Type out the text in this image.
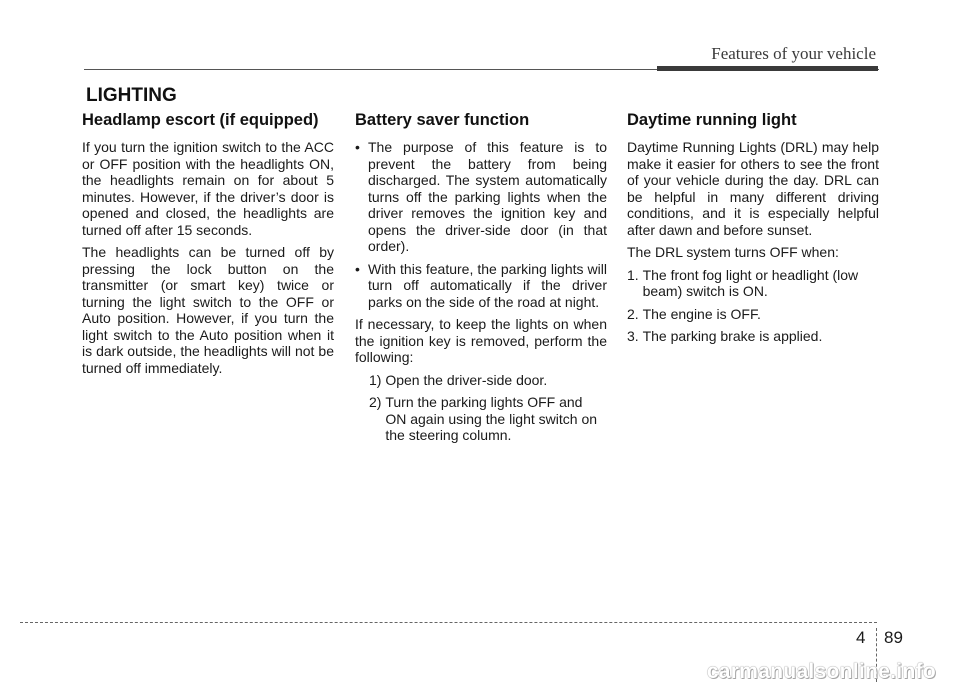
Features of your vehicle
LIGHTING
Headlamp escort (if equipped)

If you turn the ignition switch to the ACC or OFF position with the headlights ON, the headlights remain on for about 5 minutes. However, if the driver’s door is opened and closed, the headlights are turned off after 15 seconds.

The headlights can be turned off by pressing the lock button on the transmitter (or smart key) twice or turning the light switch to the OFF or Auto position. However, if you turn the light switch to the Auto position when it is dark outside, the headlights will not be turned off immediately.

Battery saver function
• The purpose of this feature is to prevent the battery from being discharged. The system automatically turns off the parking lights when the driver removes the ignition key and opens the driver-side door (in that order).
• With this feature, the parking lights will turn off automatically if the driver parks on the side of the road at night.

If necessary, to keep the lights on when the ignition key is removed, perform the following:

1) Open the driver-side door.
2) Turn the parking lights OFF and ON again using the light switch on the steering column.
Daytime running light

Daytime Running Lights (DRL) may help make it easier for others to see the front of your vehicle during the day. DRL can be helpful in many different driving conditions, and it is especially helpful after dawn and before sunset.

The DRL system turns OFF when:

1. The front fog light or headlight (low beam) switch is ON.
2. The engine is OFF.
3. The parking brake is applied.
4 89
carmanualsonline.info
